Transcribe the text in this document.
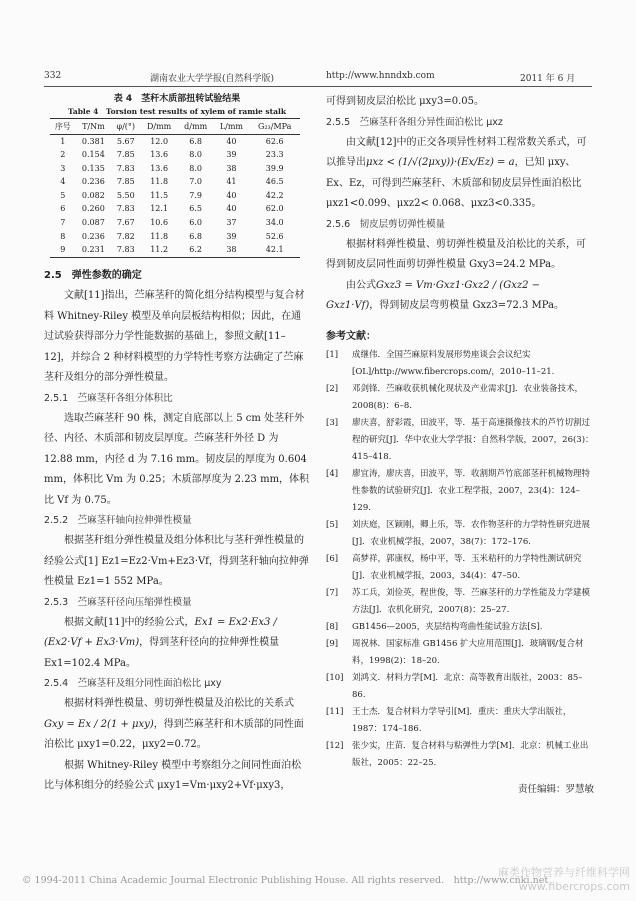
332	湖南农业大学学报(自然科学版)	http://www.hnndxb.com	2011 年 6 月
表 4　茎秆木质部扭转试验结果
Table 4　Torsion test results of xylem of ramie stalk
序号	T/Nm	φ/(°)	D/mm	d/mm	L/mm	G₂₃/MPa
1	0.381	5.67	12.0	6.8	40	62.6
2	0.154	7.85	13.6	8.0	39	23.3
3	0.135	7.83	13.6	8.0	38	39.9
4	0.236	7.85	11.8	7.0	41	46.5
5	0.082	5.50	11.5	7.9	40	42.2
6	0.260	7.83	12.1	6.5	40	62.0
7	0.087	7.67	10.6	6.0	37	34.0
8	0.236	7.82	11.8	6.8	39	52.6
9	0.231	7.83	11.2	6.2	38	42.1
2.5　弹性参数的确定

文献[11]指出，苎麻茎秆的简化组分结构模型与复合材料 Whitney-Riley 模型及单向层板结构相似；因此，在通过试验获得部分力学性能数据的基础上，参照文献[11–12]，并综合 2 种材料模型的力学特性考察方法确定了苎麻茎秆及组分的部分弹性模量。

2.5.1　苎麻茎秆各组分体积比

选取苎麻茎秆 90 株，测定自底部以上 5 cm 处茎秆外径、内径、木质部和韧皮层厚度。苎麻茎秆外径 D 为 12.88 mm，内径 d 为 7.16 mm。韧皮层的厚度为 0.604 mm，体积比 Vm 为 0.25；木质部厚度为 2.23 mm，体积比 Vf 为 0.75。

2.5.2　苎麻茎秆轴向拉伸弹性模量

根据茎秆组分弹性模量及组分体积比与茎秆弹性模量的经验公式[1] Ez1=Ez2·Vm+Ez3·Vf，得到茎秆轴向拉伸弹性模量 Ez1=1 552 MPa。

2.5.3　苎麻茎秆径向压缩弹性模量

根据文献[11]中的经验公式，Ex1 = Ex2·Ex3 / (Ex2·Vf + Ex3·Vm)，得到茎秆径向的拉伸弹性模量 Ex1=102.4 MPa。

2.5.4　苎麻茎秆及组分同性面泊松比 μxy

根据材料弹性模量、剪切弹性模量及泊松比的关系式Gxy = Ex / 2(1 + μxy)，得到苎麻茎秆和木质部的同性面泊松比 μxy1=0.22，μxy2=0.72。

根据 Whitney-Riley 模型中考察组分之间同性面泊松比与体积组分的经验公式 μxy1=Vm·μxy2+Vf·μxy3，

可得到韧皮层泊松比 μxy3=0.05。

2.5.5　苎麻茎秆各组分异性面泊松比 μxz

由文献[12]中的正交各项异性材料工程常数关系式，可以推导出μxz < (1/√(2μxy))·(Ex/Ez) = a，已知 μxy、Ex、Ez，可得到苎麻茎秆、木质部和韧皮层异性面泊松比 μxz1<0.099、μxz2< 0.068、μxz3<0.335。

2.5.6　韧皮层剪切弹性模量

根据材料弹性模量、剪切弹性模量及泊松比的关系，可得到韧皮层同性面剪切弹性模量 Gxy3=24.2 MPa。

由公式Gxz3 = Vm·Gxz1·Gxz2 / (Gxz2 − Gxz1·Vf)，得到韧皮层弯剪模量 Gxz3=72.3 MPa。

参考文献：
[1]	成继伟．全国苎麻原料发展形势座谈会会议纪实[OL]/http://www.fibercrops.com/，2010–11–21.
[2]	邓剑锋．苎麻收获机械化现状及产业需求[J]．农业装备技术，2008(8)：6–8.
[3]	廖庆喜，舒彩霞，田波平，等．基于高速摄像技术的芦竹切割过程的研究[J]．华中农业大学学报：自然科学版，2007，26(3)：415–418.
[4]	廖宜涛，廖庆喜，田波平，等．收割期芦竹底部茎秆机械物理特性参数的试验研究[J]．农业工程学报，2007，23(4)：124–129.
[5]	刘庆庭，区颖刚，卿上乐，等．农作物茎秆的力学特性研究进展[J]．农业机械学报，2007，38(7)：172–176.
[6]	高梦祥，郭康权，杨中平，等．玉米秸秆的力学特性测试研究[J]．农业机械学报，2003，34(4)：47–50.
[7]	苏工兵，刘俭英，程世俊，等．苎麻茎秆的力学性能及力学建模方法[J]．农机化研究，2007(8)：25–27.
[8]	GB1456—2005，夹层结构弯曲性能试验方法[S].
[9]	周祝林．国家标准 GB1456 扩大应用范围[J]．玻璃钢/复合材料，1998(2)：18–20.
[10]	刘鸿文．材料力学[M]．北京：高等教育出版社，2003：85–86.
[11]	王士杰．复合材料力学导引[M]．重庆：重庆大学出版社，1987：174–186.
[12]	张少实，庄苗．复合材料与粘弹性力学[M]．北京：机械工业出版社，2005：22–25.
责任编辑：罗慧敏
© 1994-2011 China Academic Journal Electronic Publishing House. All rights reserved.　http://www.cnki.net
麻类作物营养与纤维科学网 www.fibercrops.com
